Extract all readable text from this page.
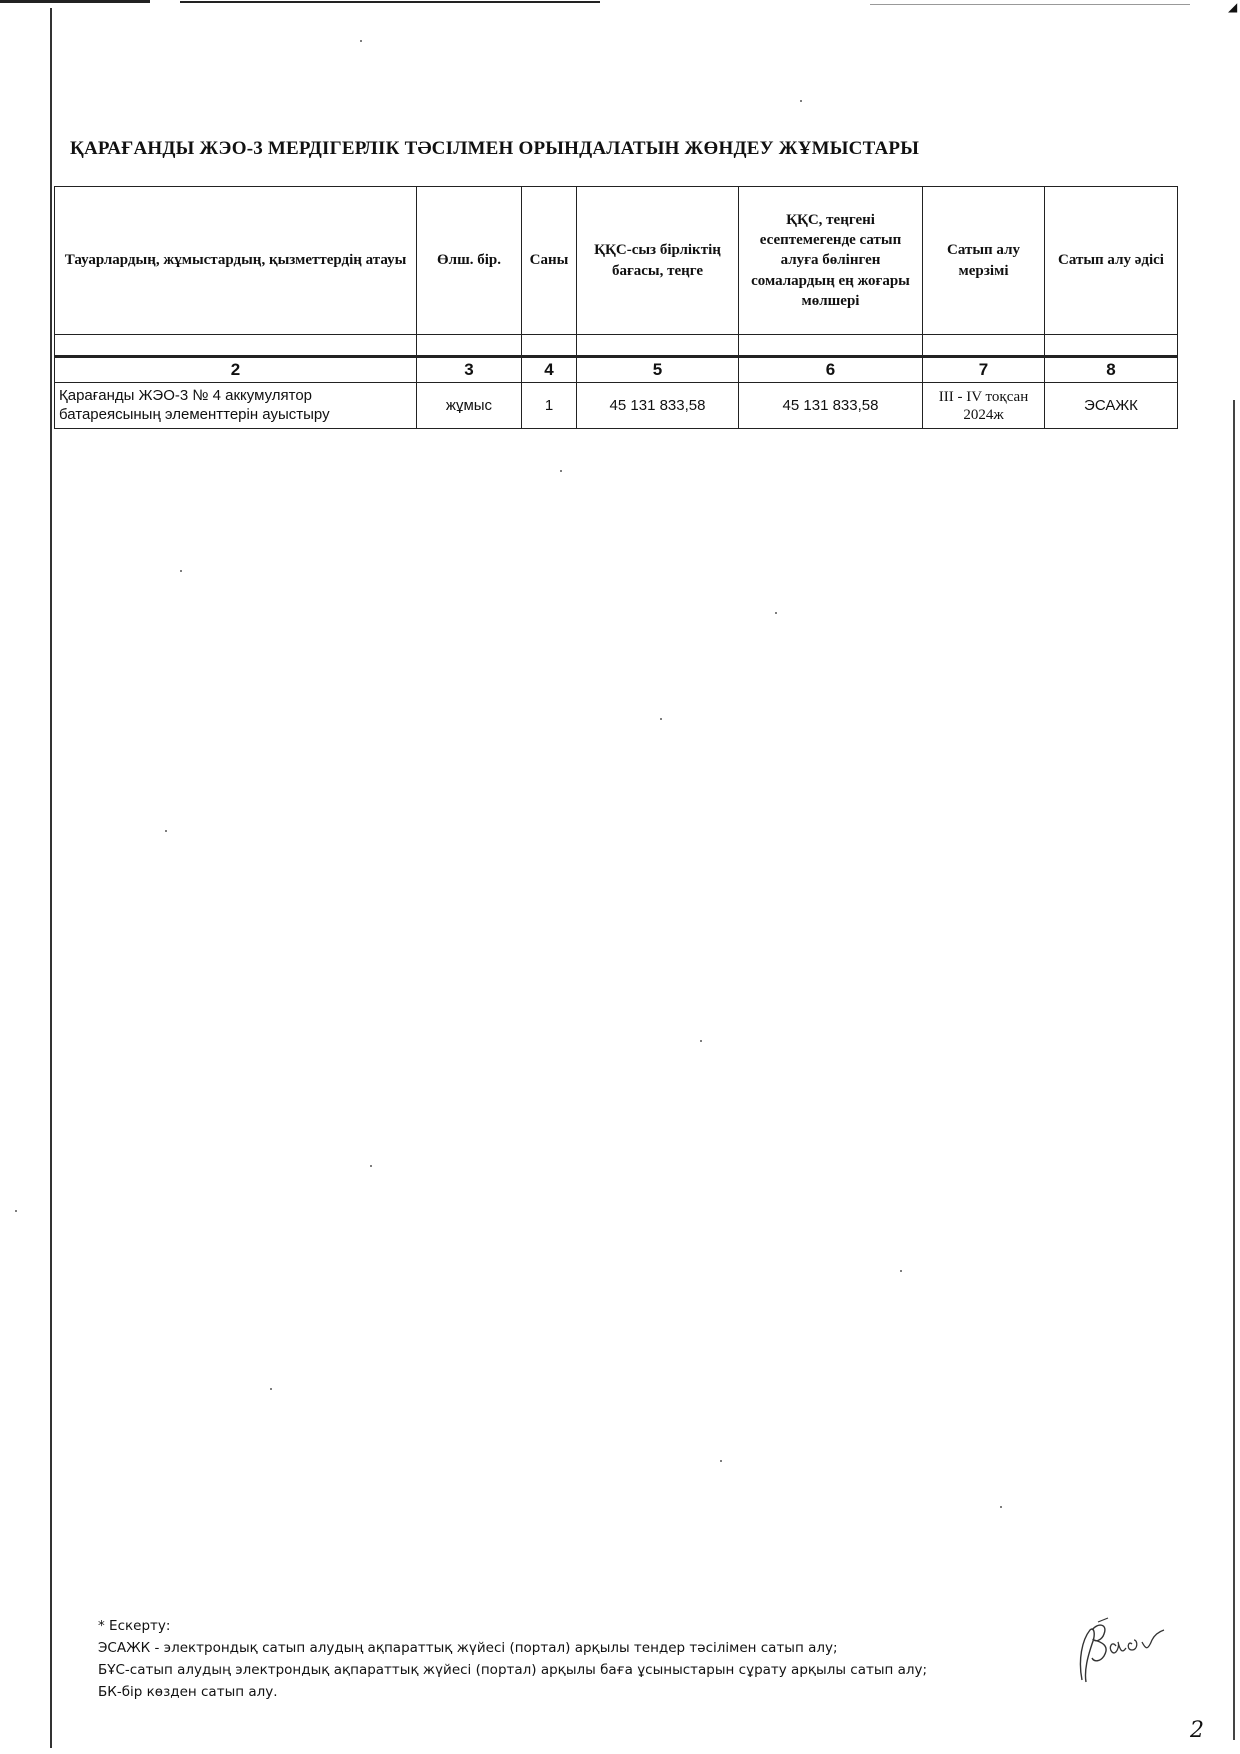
◢
ҚАРАҒАНДЫ ЖЭО-3 МЕРДІГЕРЛІК ТӘСІЛМЕН ОРЫНДАЛАТЫН ЖӨНДЕУ ЖҰМЫСТАРЫ
Тауарлардың, жұмыстардың, қызметтердің атауы	Өлш. бір.	Саны	ҚҚС-сыз бірліктің бағасы, теңге	ҚҚС, теңгені есептемегенде сатып алуға бөлінген сомалардың ең жоғары мөлшері	Сатып алу мерзімі	Сатып алу әдісі

2	3	4	5	6	7	8
Қарағанды ЖЭО-3 № 4 аккумулятор батареясының элементтерін ауыстыру	жұмыс	1	45 131 833,58	45 131 833,58	III - IV тоқсан 2024ж	ЭСАЖК
* Ескерту:
ЭСАЖК - электрондық сатып алудың ақпараттық жүйесі (портал) арқылы тендер тәсілімен сатып алу;
БҰС-сатып алудың электрондық ақпараттық жүйесі (портал) арқылы баға ұсыныстарын сұрату арқылы сатып алу;
БК-бір көзден сатып алу.
2
